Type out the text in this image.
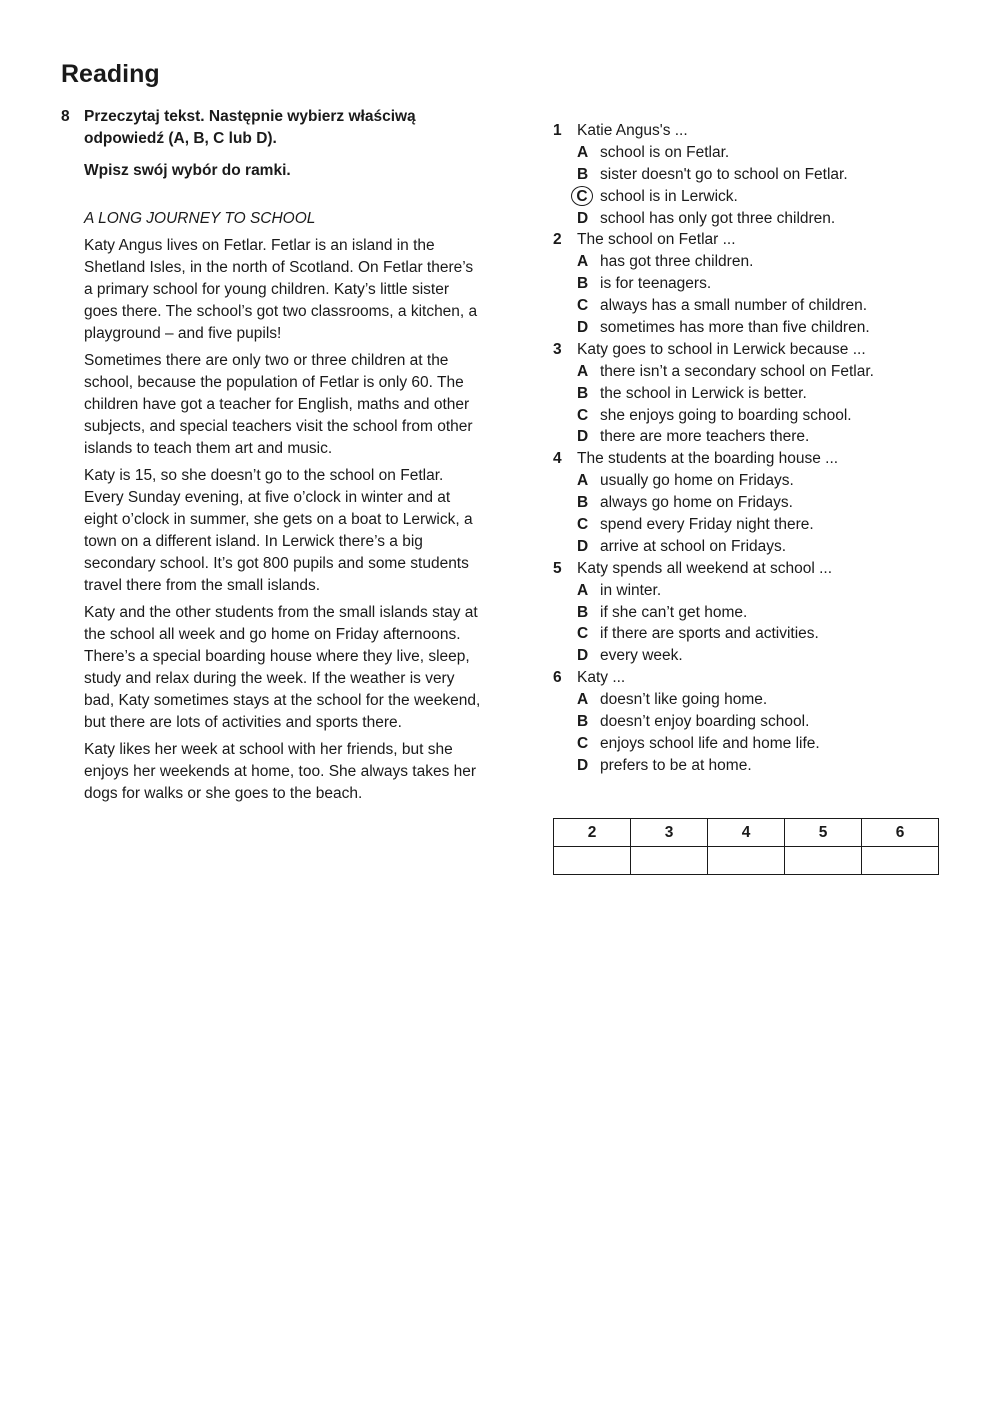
Reading
8 Przeczytaj tekst. Następnie wybierz właściwą odpowiedź (A, B, C lub D).
Wpisz swój wybór do ramki.
A LONG JOURNEY TO SCHOOL

Katy Angus lives on Fetlar. Fetlar is an island in the Shetland Isles, in the north of Scotland. On Fetlar there’s a primary school for young children. Katy’s little sister goes there. The school’s got two classrooms, a kitchen, a playground – and five pupils!

Sometimes there are only two or three children at the school, because the population of Fetlar is only 60. The children have got a teacher for English, maths and other subjects, and special teachers visit the school from other islands to teach them art and music.

Katy is 15, so she doesn’t go to the school on Fetlar. Every Sunday evening, at five o’clock in winter and at eight o’clock in summer, she gets on a boat to Lerwick, a town on a different island. In Lerwick there’s a big secondary school. It’s got 800 pupils and some students travel there from the small islands.

Katy and the other students from the small islands stay at the school all week and go home on Friday afternoons. There’s a special boarding house where they live, sleep, study and relax during the week. If the weather is very bad, Katy sometimes stays at the school for the weekend, but there are lots of activities and sports there.

Katy likes her week at school with her friends, but she enjoys her weekends at home, too. She always takes her dogs for walks or she goes to the beach.

1 Katie Angus's ...
A school is on Fetlar.
B sister doesn't go to school on Fetlar.
C school is in Lerwick.
D school has only got three children.
2 The school on Fetlar ...
A has got three children.
B is for teenagers.
C always has a small number of children.
D sometimes has more than five children.
3 Katy goes to school in Lerwick because ...
A there isn’t a secondary school on Fetlar.
B the school in Lerwick is better.
C she enjoys going to boarding school.
D there are more teachers there.
4 The students at the boarding house ...
A usually go home on Fridays.
B always go home on Fridays.
C spend every Friday night there.
D arrive at school on Fridays.
5 Katy spends all weekend at school ...
A in winter.
B if she can’t get home.
C if there are sports and activities.
D every week.
6 Katy ...
A doesn’t like going home.
B doesn’t enjoy boarding school.
C enjoys school life and home life.
D prefers to be at home.
2	3	4	5	6
